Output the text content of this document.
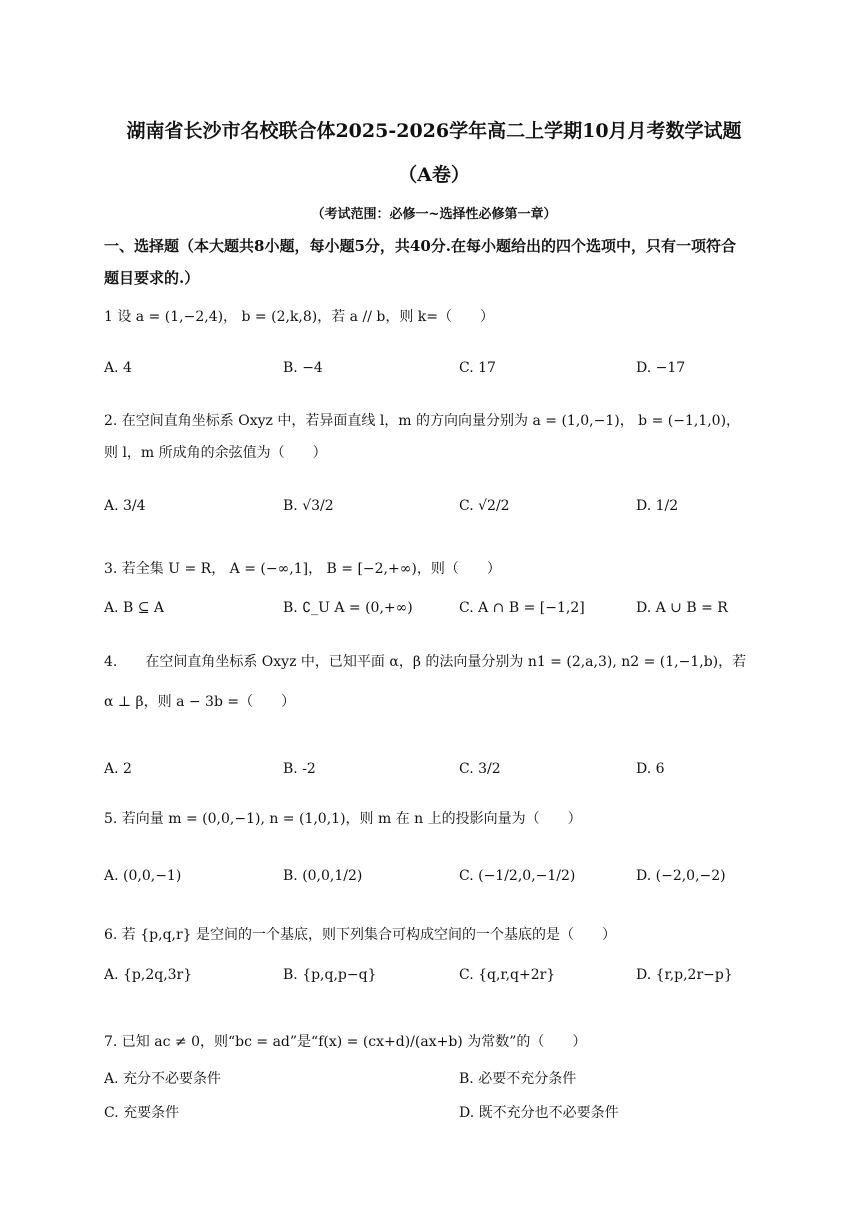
湖南省长沙市名校联合体2025-2026学年高二上学期10月月考数学试题
（A卷）
（考试范围：必修一~选择性必修第一章）
一、选择题（本大题共8小题，每小题5分，共40分.在每小题给出的四个选项中，只有一项符合
题目要求的.）
1 设 a = (1,−2,4)， b = (2,k,8)，若 a // b，则 k=（　　）
A. 4	B. −4	C. 17	D. −17
2. 在空间直角坐标系 Oxyz 中，若异面直线 l，m 的方向向量分别为 a = (1,0,−1)， b = (−1,1,0)，
则 l，m 所成角的余弦值为（　　）
A. 3/4	B. √3/2	C. √2/2	D. 1/2
3. 若全集 U = R， A = (−∞,1]， B = [−2,+∞)，则（　　）
A. B ⊆ A	B. ∁_U A = (0,+∞)	C. A ∩ B = [−1,2]	D. A ∪ B = R
4.　　在空间直角坐标系 Oxyz 中，已知平面 α，β 的法向量分别为 n1 = (2,a,3), n2 = (1,−1,b)，若
α ⊥ β，则 a − 3b =（　　）
A. 2	B. -2	C. 3/2	D. 6
5. 若向量 m = (0,0,−1), n = (1,0,1)，则 m 在 n 上的投影向量为（　　）
A. (0,0,−1)	B. (0,0,1/2)	C. (−1/2,0,−1/2)	D. (−2,0,−2)
6. 若 {p,q,r} 是空间的一个基底，则下列集合可构成空间的一个基底的是（　　）
A. {p,2q,3r}	B. {p,q,p−q}	C. {q,r,q+2r}	D. {r,p,2r−p}
7. 已知 ac ≠ 0，则“bc = ad”是“f(x) = (cx+d)/(ax+b) 为常数”的（　　）
A. 充分不必要条件	B. 必要不充分条件
C. 充要条件	D. 既不充分也不必要条件
